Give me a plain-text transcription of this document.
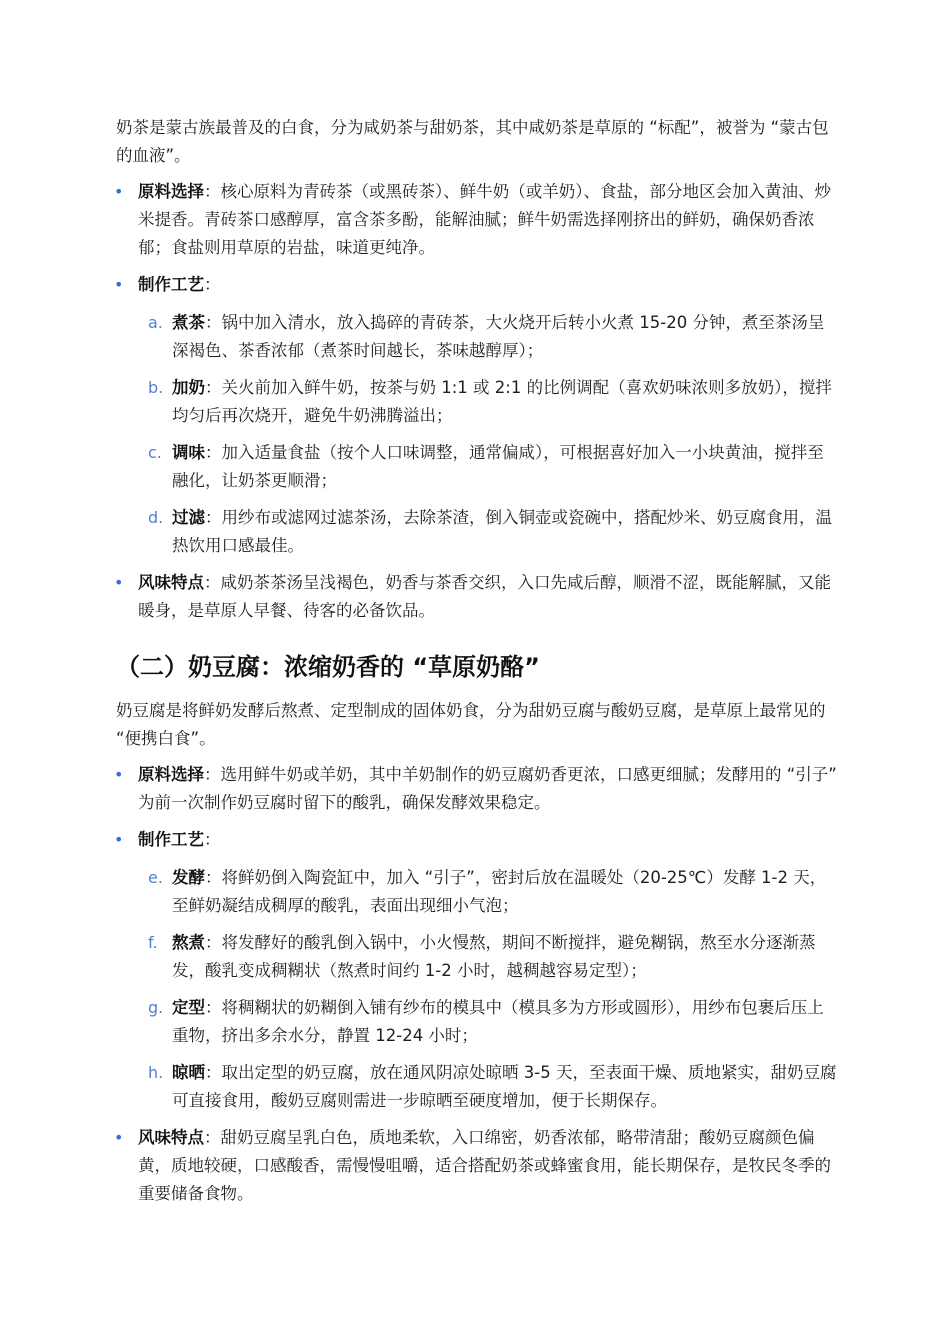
奶茶是蒙古族最普及的白食，分为咸奶茶与甜奶茶，其中咸奶茶是草原的 “标配”，被誉为 “蒙古包的血液”。

• 原料选择：核心原料为青砖茶（或黑砖茶）、鲜牛奶（或羊奶）、食盐，部分地区会加入黄油、炒米提香。青砖茶口感醇厚，富含茶多酚，能解油腻；鲜牛奶需选择刚挤出的鲜奶，确保奶香浓郁；食盐则用草原的岩盐，味道更纯净。
• 制作工艺：
a. 煮茶：锅中加入清水，放入捣碎的青砖茶，大火烧开后转小火煮 15-20 分钟，煮至茶汤呈深褐色、茶香浓郁（煮茶时间越长，茶味越醇厚）；
b. 加奶：关火前加入鲜牛奶，按茶与奶 1:1 或 2:1 的比例调配（喜欢奶味浓则多放奶），搅拌均匀后再次烧开，避免牛奶沸腾溢出；
c. 调味：加入适量食盐（按个人口味调整，通常偏咸），可根据喜好加入一小块黄油，搅拌至融化，让奶茶更顺滑；
d. 过滤：用纱布或滤网过滤茶汤，去除茶渣，倒入铜壶或瓷碗中，搭配炒米、奶豆腐食用，温热饮用口感最佳。
• 风味特点：咸奶茶茶汤呈浅褐色，奶香与茶香交织，入口先咸后醇，顺滑不涩，既能解腻，又能暖身，是草原人早餐、待客的必备饮品。
（二）奶豆腐：浓缩奶香的 “草原奶酪”

奶豆腐是将鲜奶发酵后熬煮、定型制成的固体奶食，分为甜奶豆腐与酸奶豆腐，是草原上最常见的 “便携白食”。

• 原料选择：选用鲜牛奶或羊奶，其中羊奶制作的奶豆腐奶香更浓，口感更细腻；发酵用的 “引子” 为前一次制作奶豆腐时留下的酸乳，确保发酵效果稳定。
• 制作工艺：
e. 发酵：将鲜奶倒入陶瓷缸中，加入 “引子”，密封后放在温暖处（20-25℃）发酵 1-2 天，至鲜奶凝结成稠厚的酸乳，表面出现细小气泡；
f. 熬煮：将发酵好的酸乳倒入锅中，小火慢熬，期间不断搅拌，避免糊锅，熬至水分逐渐蒸发，酸乳变成稠糊状（熬煮时间约 1-2 小时，越稠越容易定型）；
g. 定型：将稠糊状的奶糊倒入铺有纱布的模具中（模具多为方形或圆形），用纱布包裹后压上重物，挤出多余水分，静置 12-24 小时；
h. 晾晒：取出定型的奶豆腐，放在通风阴凉处晾晒 3-5 天，至表面干燥、质地紧实，甜奶豆腐可直接食用，酸奶豆腐则需进一步晾晒至硬度增加，便于长期保存。
• 风味特点：甜奶豆腐呈乳白色，质地柔软，入口绵密，奶香浓郁，略带清甜；酸奶豆腐颜色偏黄，质地较硬，口感酸香，需慢慢咀嚼，适合搭配奶茶或蜂蜜食用，能长期保存，是牧民冬季的重要储备食物。
